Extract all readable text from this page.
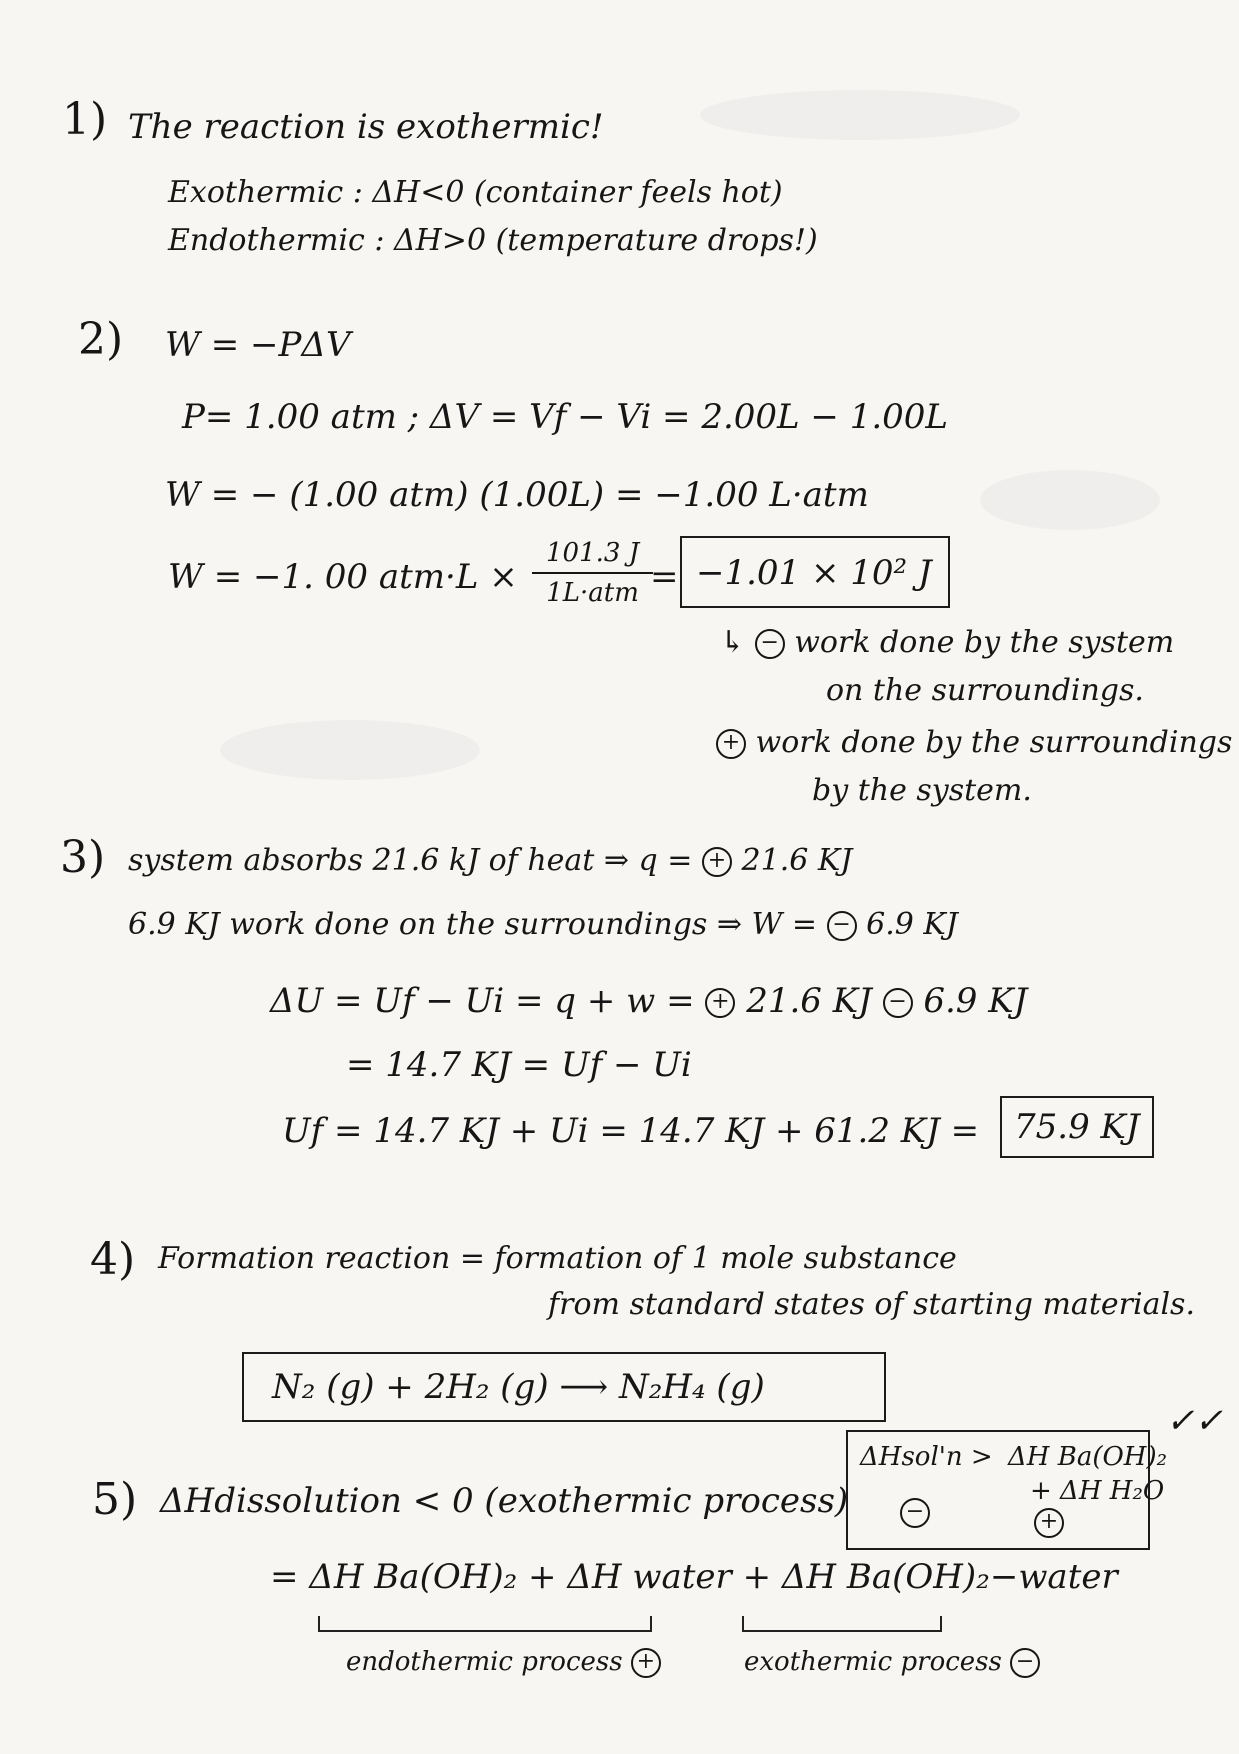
1) The reaction is exothermic!
Exothermic : ΔH<0 (container feels hot)
Endothermic : ΔH>0 (temperature drops!)
2) W = −PΔV
P= 1.00 atm ; ΔV = Vf − Vi = 2.00L − 1.00L
W = − (1.00 atm) (1.00L) = −1.00 L·atm
W = −1. 00 atm·L ×
101.3 J
1L·atm = −1.01 × 10² J
↳ − work done by the system
on the surroundings.
+ work done by the surroundings
by the system.
3) system absorbs 21.6 kJ of heat ⇒ q = + 21.6 KJ
6.9 KJ work done on the surroundings ⇒ W = − 6.9 KJ
ΔU = Uf − Ui = q + w = + 21.6 KJ − 6.9 KJ
= 14.7 KJ = Uf − Ui
Uf = 14.7 KJ + Ui = 14.7 KJ + 61.2 KJ = 75.9 KJ
4) Formation reaction = formation of 1 mole substance
from standard states of starting materials.
N₂ (g) + 2H₂ (g) ⟶ N₂H₄ (g)
5) ΔHdissolution < 0 (exothermic process)
= ΔH Ba(OH)₂ + ΔH water + ΔH Ba(OH)₂−water
endothermic process +	exothermic process −
ΔHsol'n > ΔH Ba(OH)₂
+ ΔH H₂O
−	+
✓✓
